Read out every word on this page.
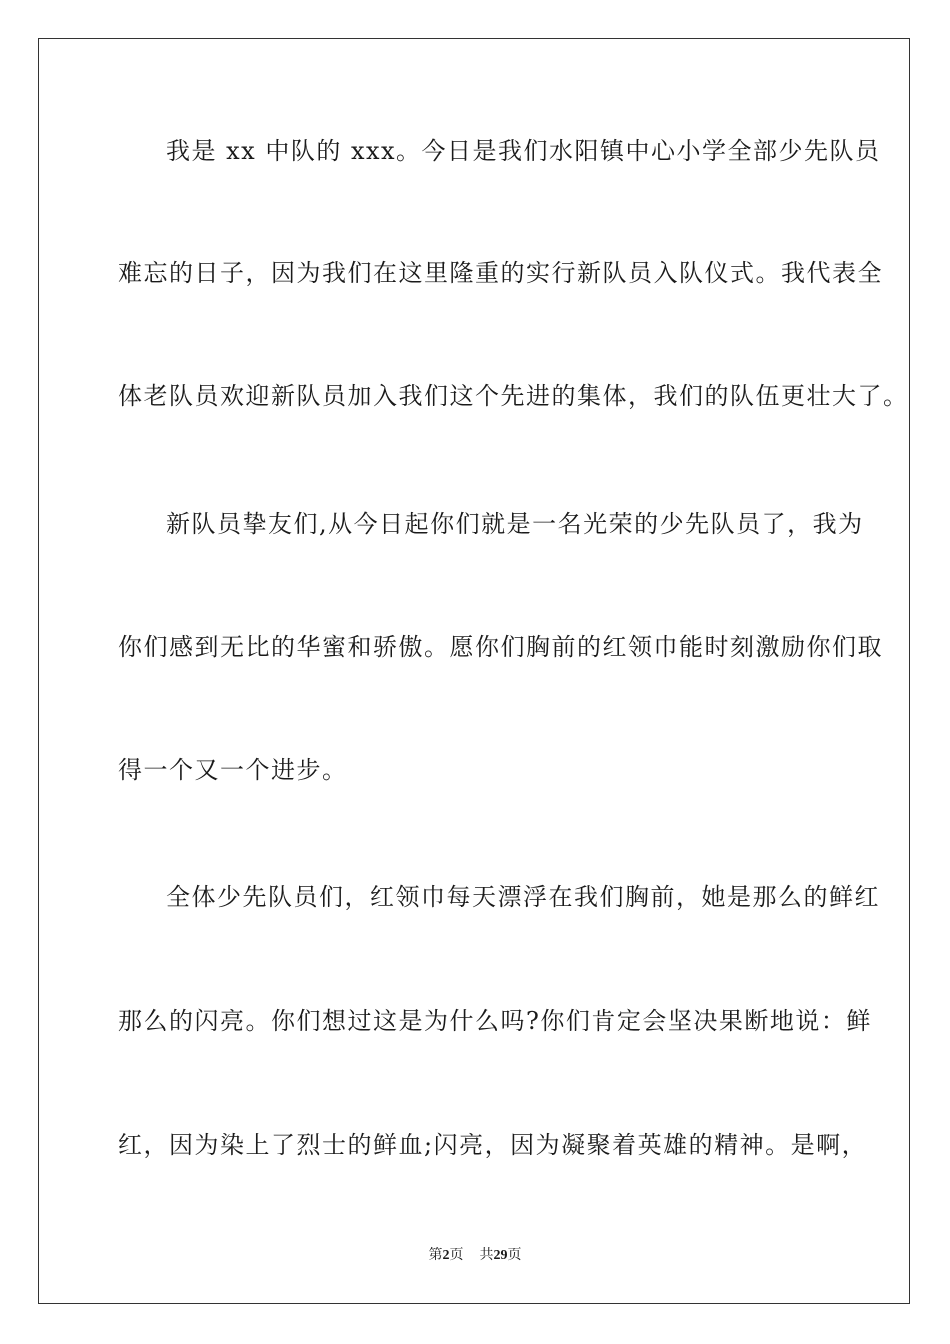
我是 xx 中队的 xxx。今日是我们水阳镇中心小学全部少先队员
难忘的日子，因为我们在这里隆重的实行新队员入队仪式。我代表全
体老队员欢迎新队员加入我们这个先进的集体，我们的队伍更壮大了。
新队员挚友们,从今日起你们就是一名光荣的少先队员了，我为
你们感到无比的华蜜和骄傲。愿你们胸前的红领巾能时刻激励你们取
得一个又一个进步。
全体少先队员们，红领巾每天漂浮在我们胸前，她是那么的鲜红
那么的闪亮。你们想过这是为什么吗?你们肯定会坚决果断地说：鲜
红，因为染上了烈士的鲜血;闪亮，因为凝聚着英雄的精神。是啊，
第2页 共29页
